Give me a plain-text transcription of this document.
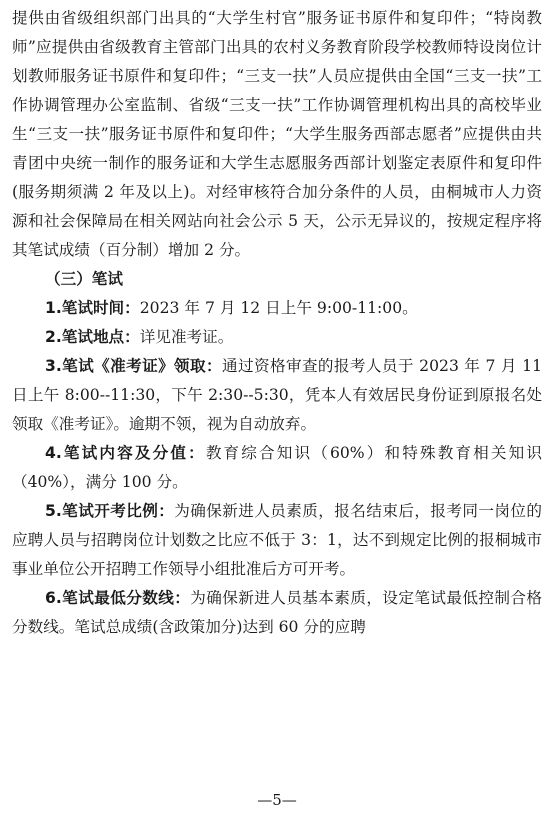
提供由省级组织部门出具的“大学生村官”服务证书原件和复印件；“特岗教师”应提供由省级教育主管部门出具的农村义务教育阶段学校教师特设岗位计划教师服务证书原件和复印件；“三支一扶”人员应提供由全国“三支一扶”工作协调管理办公室监制、省级“三支一扶”工作协调管理机构出具的高校毕业生“三支一扶”服务证书原件和复印件；“大学生服务西部志愿者”应提供由共青团中央统一制作的服务证和大学生志愿服务西部计划鉴定表原件和复印件(服务期须满 2 年及以上)。对经审核符合加分条件的人员，由桐城市人力资源和社会保障局在相关网站向社会公示 5 天，公示无异议的，按规定程序将其笔试成绩（百分制）增加 2 分。

（三）笔试

1.笔试时间：2023 年 7 月 12 日上午 9:00-11:00。

2.笔试地点：详见准考证。

3.笔试《准考证》领取：通过资格审查的报考人员于 2023 年 7 月 11 日上午 8:00--11:30，下午 2:30--5:30，凭本人有效居民身份证到原报名处领取《准考证》。逾期不领，视为自动放弃。

4.笔试内容及分值：教育综合知识（60%）和特殊教育相关知识（40%），满分 100 分。

5.笔试开考比例：为确保新进人员素质，报名结束后，报考同一岗位的应聘人员与招聘岗位计划数之比应不低于 3：1，达不到规定比例的报桐城市事业单位公开招聘工作领导小组批准后方可开考。

6.笔试最低分数线：为确保新进人员基本素质，设定笔试最低控制合格分数线。笔试总成绩(含政策加分)达到 60 分的应聘

—5—
